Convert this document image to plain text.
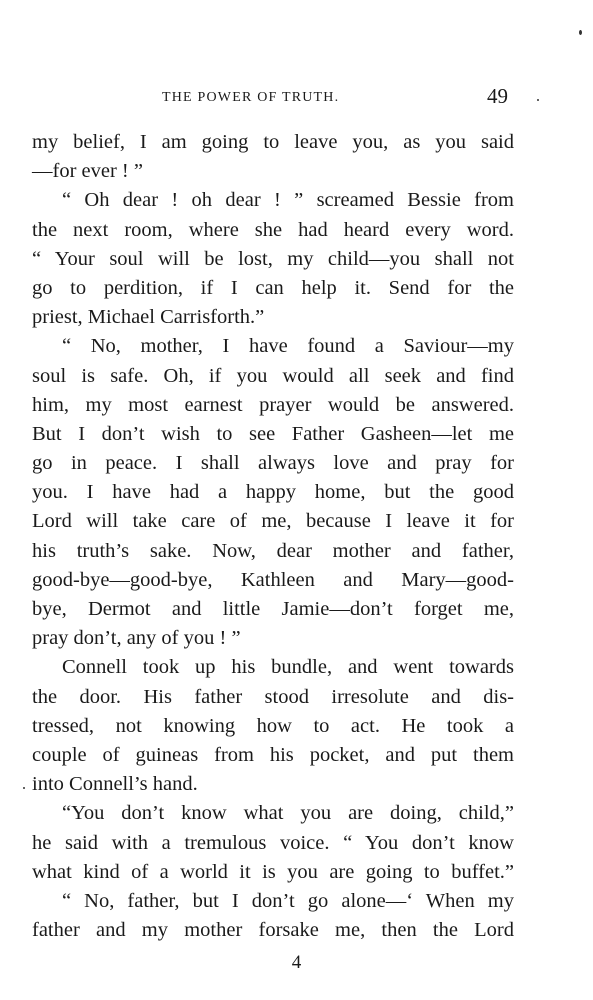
THE POWER OF TRUTH.	49
my belief, I am going to leave you, as you said
—for ever ! ”
“ Oh dear ! oh dear ! ” screamed Bessie from
the next room, where she had heard every word.
“ Your soul will be lost, my child—you shall not
go to perdition, if I can help it. Send for the
priest, Michael Carrisforth.”
“ No, mother, I have found a Saviour—my
soul is safe. Oh, if you would all seek and find
him, my most earnest prayer would be answered.
But I don’t wish to see Father Gasheen—let me
go in peace. I shall always love and pray for
you. I have had a happy home, but the good
Lord will take care of me, because I leave it for
his truth’s sake. Now, dear mother and father,
good-bye—good-bye, Kathleen and Mary—good-
bye, Dermot and little Jamie—don’t forget me,
pray don’t, any of you ! ”
Connell took up his bundle, and went towards
the door. His father stood irresolute and dis-
tressed, not knowing how to act. He took a
couple of guineas from his pocket, and put them
into Connell’s hand.
“You don’t know what you are doing, child,”
he said with a tremulous voice. “ You don’t know
what kind of a world it is you are going to buffet.”
“ No, father, but I don’t go alone—‘ When my
father and my mother forsake me, then the Lord
4
